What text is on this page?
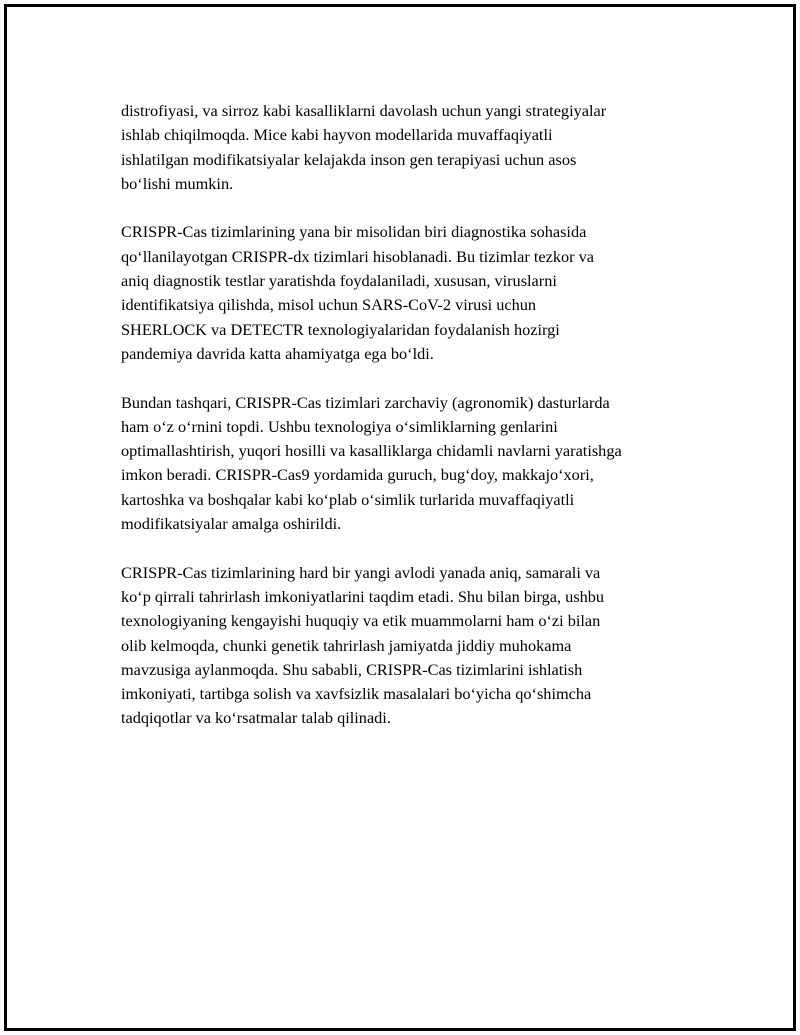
distrofiyasi, va sirroz kabi kasalliklarni davolash uchun yangi strategiyalar
ishlab chiqilmoqda. Mice kabi hayvon modellarida muvaffaqiyatli
ishlatilgan modifikatsiyalar kelajakda inson gen terapiyasi uchun asos
bo‘lishi mumkin.

CRISPR-Cas tizimlarining yana bir misolidan biri diagnostika sohasida
qo‘llanilayotgan CRISPR-dx tizimlari hisoblanadi. Bu tizimlar tezkor va
aniq diagnostik testlar yaratishda foydalaniladi, xususan, viruslarni
identifikatsiya qilishda, misol uchun SARS-CoV-2 virusi uchun
SHERLOCK va DETECTR texnologiyalaridan foydalanish hozirgi
pandemiya davrida katta ahamiyatga ega bo‘ldi.

Bundan tashqari, CRISPR-Cas tizimlari zarchaviy (agronomik) dasturlarda
ham o‘z o‘rnini topdi. Ushbu texnologiya o‘simliklarning genlarini
optimallashtirish, yuqori hosilli va kasalliklarga chidamli navlarni yaratishga
imkon beradi. CRISPR-Cas9 yordamida guruch, bug‘doy, makkajo‘xori,
kartoshka va boshqalar kabi ko‘plab o‘simlik turlarida muvaffaqiyatli
modifikatsiyalar amalga oshirildi.

CRISPR-Cas tizimlarining hard bir yangi avlodi yanada aniq, samarali va
ko‘p qirrali tahrirlash imkoniyatlarini taqdim etadi. Shu bilan birga, ushbu
texnologiyaning kengayishi huquqiy va etik muammolarni ham o‘zi bilan
olib kelmoqda, chunki genetik tahrirlash jamiyatda jiddiy muhokama
mavzusiga aylanmoqda. Shu sababli, CRISPR-Cas tizimlarini ishlatish
imkoniyati, tartibga solish va xavfsizlik masalalari bo‘yicha qo‘shimcha
tadqiqotlar va ko‘rsatmalar talab qilinadi.
